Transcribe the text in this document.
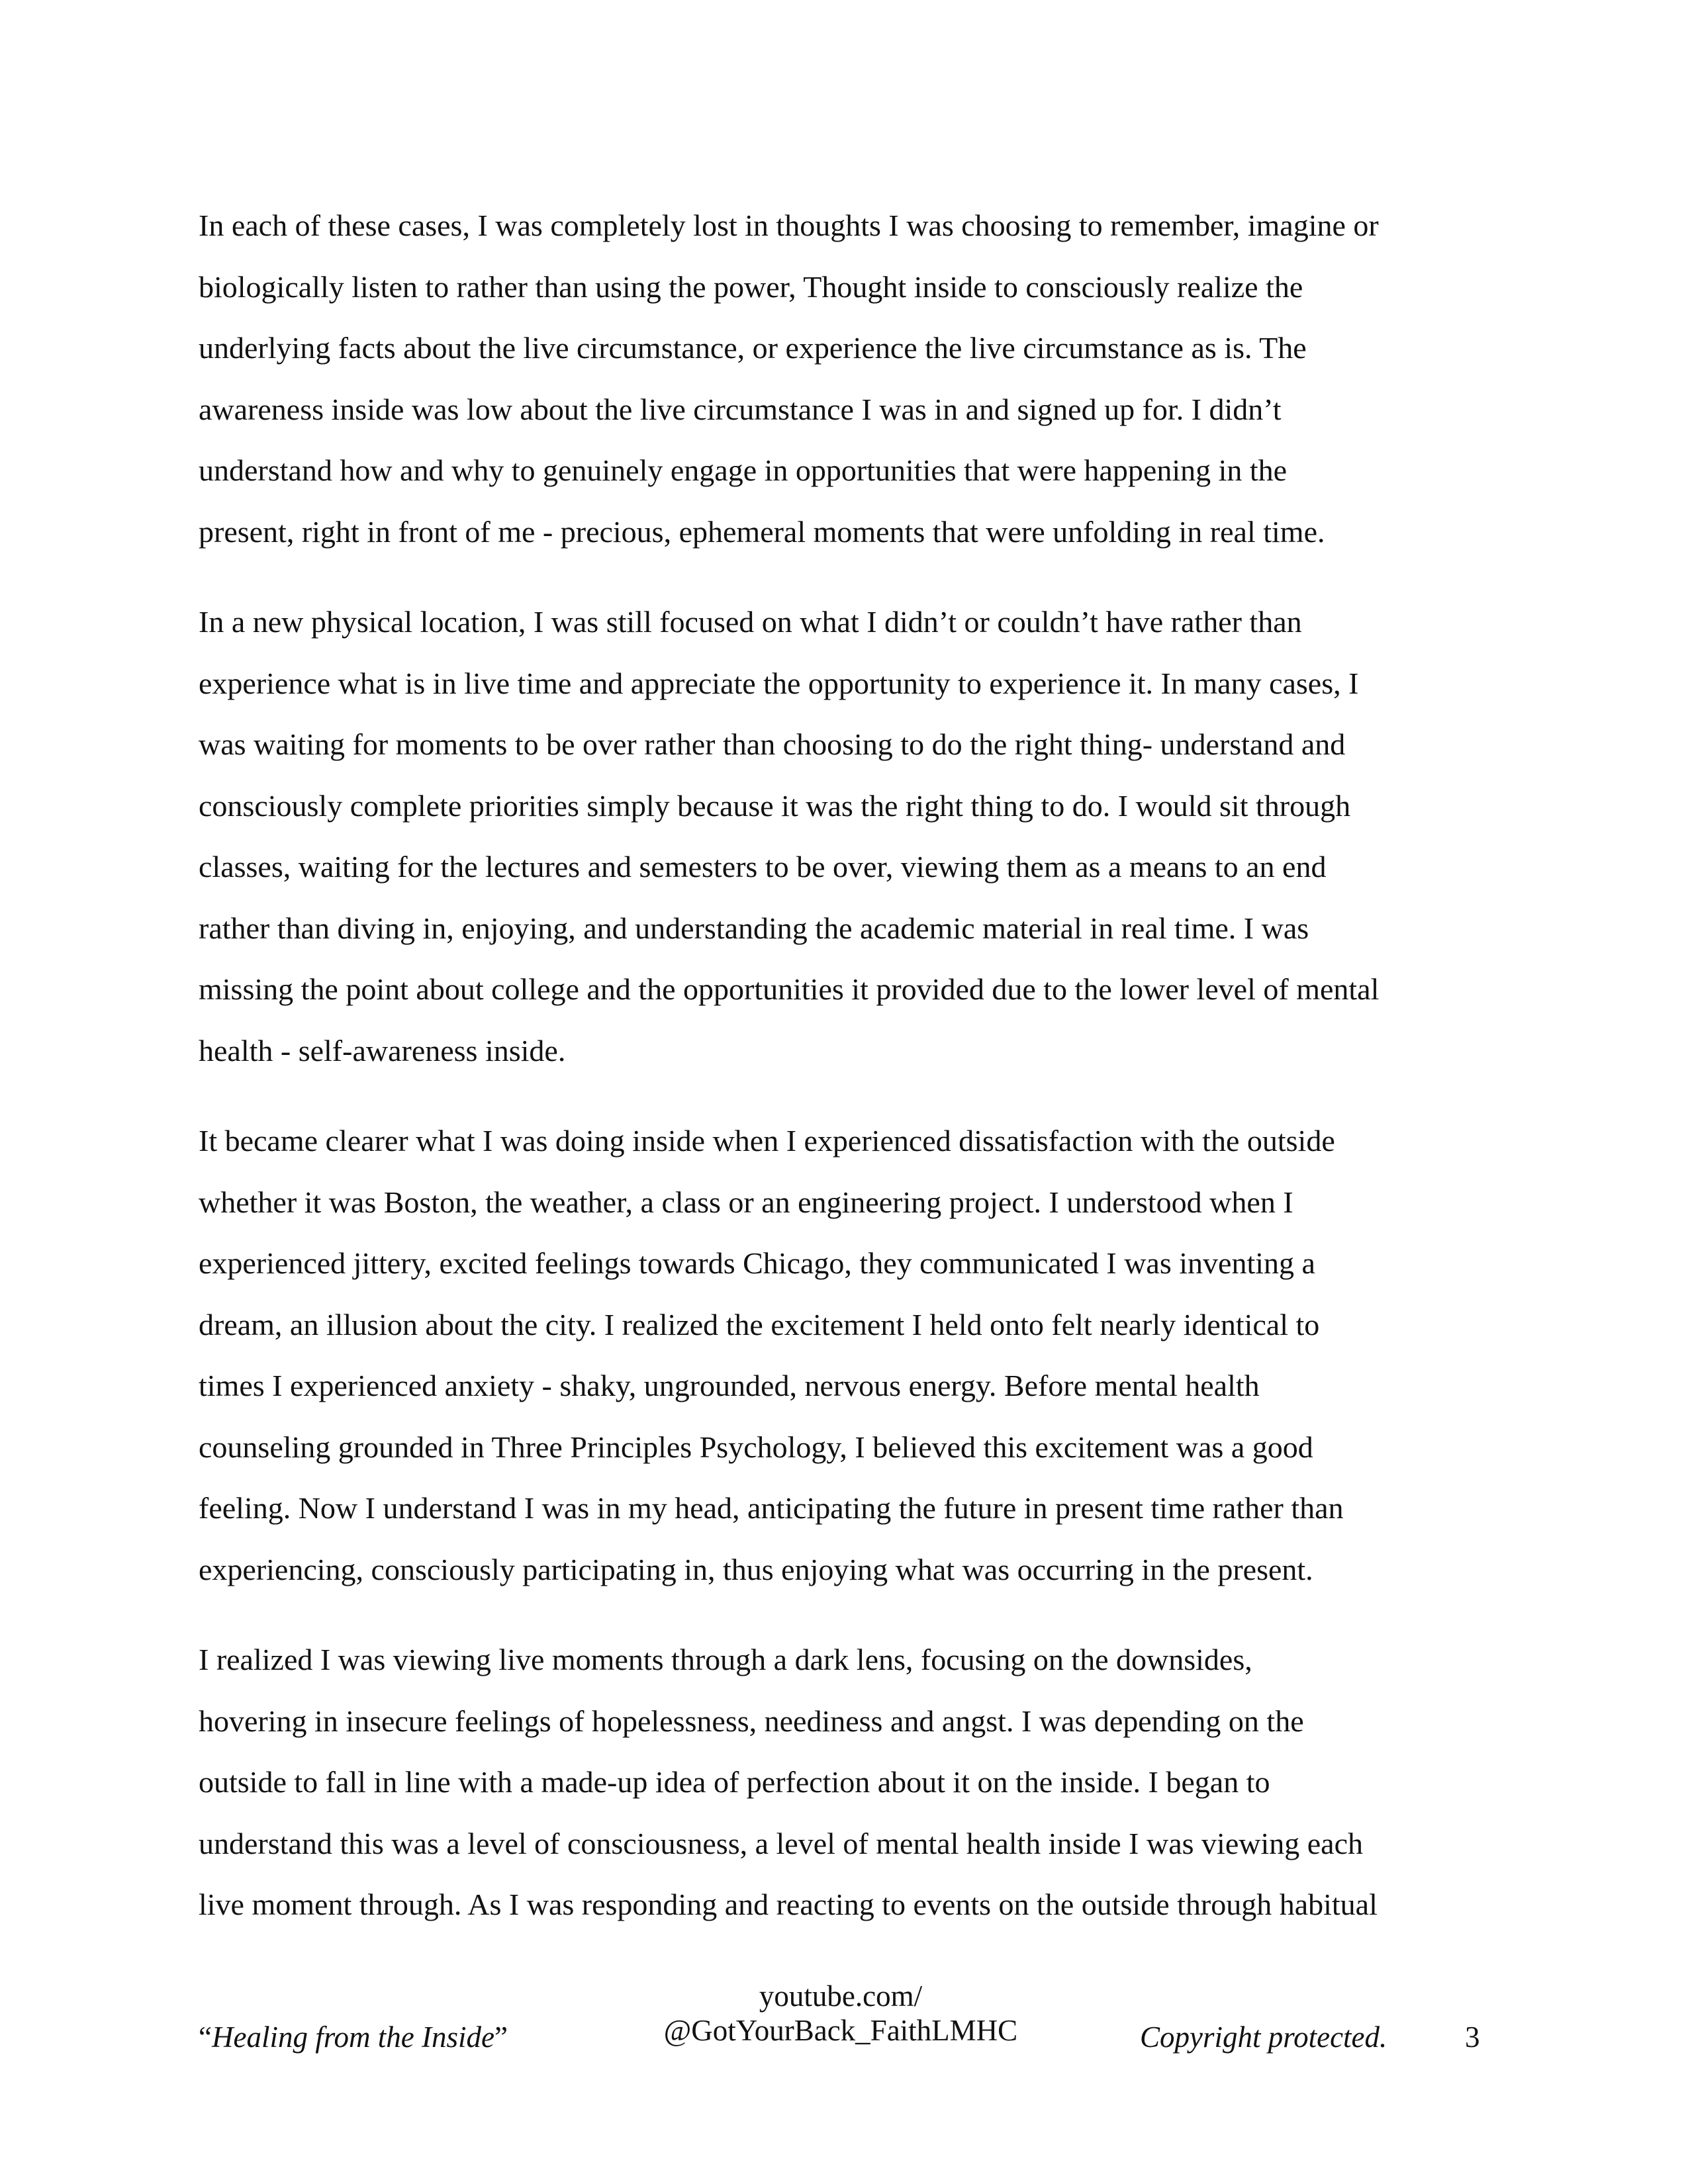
In each of these cases, I was completely lost in thoughts I was choosing to remember, imagine or
biologically listen to rather than using the power, Thought inside to consciously realize the
underlying facts about the live circumstance, or experience the live circumstance as is. The
awareness inside was low about the live circumstance I was in and signed up for. I didn’t
understand how and why to genuinely engage in opportunities that were happening in the
present, right in front of me - precious, ephemeral moments that were unfolding in real time.

In a new physical location, I was still focused on what I didn’t or couldn’t have rather than
experience what is in live time and appreciate the opportunity to experience it. In many cases, I
was waiting for moments to be over rather than choosing to do the right thing- understand and
consciously complete priorities simply because it was the right thing to do. I would sit through
classes, waiting for the lectures and semesters to be over, viewing them as a means to an end
rather than diving in, enjoying, and understanding the academic material in real time. I was
missing the point about college and the opportunities it provided due to the lower level of mental
health - self-awareness inside.

It became clearer what I was doing inside when I experienced dissatisfaction with the outside
whether it was Boston, the weather, a class or an engineering project. I understood when I
experienced jittery, excited feelings towards Chicago, they communicated I was inventing a
dream, an illusion about the city. I realized the excitement I held onto felt nearly identical to
times I experienced anxiety - shaky, ungrounded, nervous energy. Before mental health
counseling grounded in Three Principles Psychology, I believed this excitement was a good
feeling. Now I understand I was in my head, anticipating the future in present time rather than
experiencing, consciously participating in, thus enjoying what was occurring in the present.

I realized I was viewing live moments through a dark lens, focusing on the downsides,
hovering in insecure feelings of hopelessness, neediness and angst. I was depending on the
outside to fall in line with a made-up idea of perfection about it on the inside. I began to
understand this was a level of consciousness, a level of mental health inside I was viewing each
live moment through. As I was responding and reacting to events on the outside through habitual

“Healing from the Inside”
youtube.com/
@GotYourBack_FaithLMHC	Copyright protected.	3
